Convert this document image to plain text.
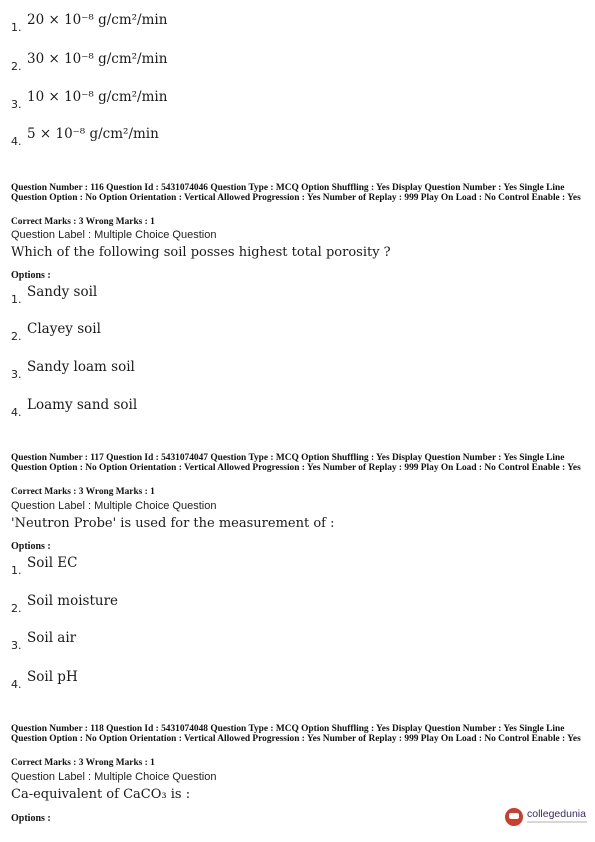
1. 20 × 10⁻⁸ g/cm²/min
2. 30 × 10⁻⁸ g/cm²/min
3. 10 × 10⁻⁸ g/cm²/min
4. 5 × 10⁻⁸ g/cm²/min
Question Number : 116 Question Id : 5431074046 Question Type : MCQ Option Shuffling : Yes Display Question Number : Yes Single Line Question Option : No Option Orientation : Vertical Allowed Progression : Yes Number of Replay : 999 Play On Load : No Control Enable : Yes
Correct Marks : 3 Wrong Marks : 1
Question Label : Multiple Choice Question
Which of the following soil posses highest total porosity ?
Options :
1. Sandy soil
2. Clayey soil
3. Sandy loam soil
4. Loamy sand soil
Question Number : 117 Question Id : 5431074047 Question Type : MCQ Option Shuffling : Yes Display Question Number : Yes Single Line Question Option : No Option Orientation : Vertical Allowed Progression : Yes Number of Replay : 999 Play On Load : No Control Enable : Yes
Correct Marks : 3 Wrong Marks : 1
Question Label : Multiple Choice Question
'Neutron Probe' is used for the measurement of :
Options :
1. Soil EC
2. Soil moisture
3. Soil air
4. Soil pH
Question Number : 118 Question Id : 5431074048 Question Type : MCQ Option Shuffling : Yes Display Question Number : Yes Single Line Question Option : No Option Orientation : Vertical Allowed Progression : Yes Number of Replay : 999 Play On Load : No Control Enable : Yes
Correct Marks : 3 Wrong Marks : 1
Question Label : Multiple Choice Question
Ca-equivalent of CaCO₃ is :
Options :	collegedunia
